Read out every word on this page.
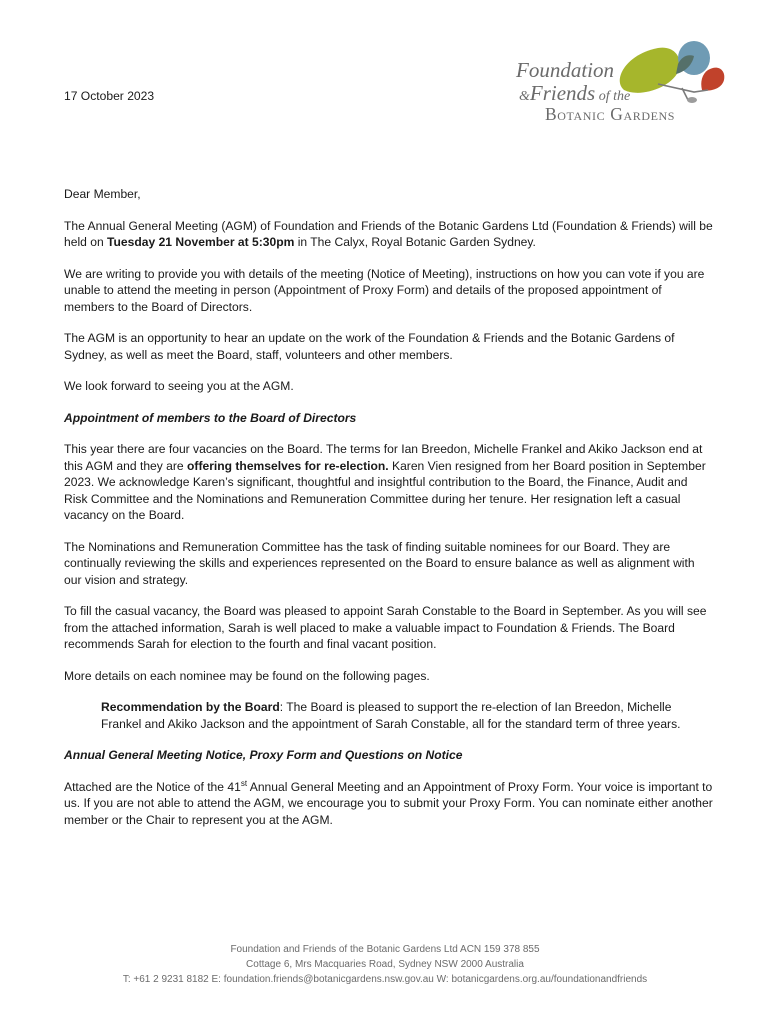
17 October 2023
Foundation
&Friends of the
Botanic Gardens

Dear Member,

The Annual General Meeting (AGM) of Foundation and Friends of the Botanic Gardens Ltd (Foundation & Friends) will be held on Tuesday 21 November at 5:30pm in The Calyx, Royal Botanic Garden Sydney.

We are writing to provide you with details of the meeting (Notice of Meeting), instructions on how you can vote if you are unable to attend the meeting in person (Appointment of Proxy Form) and details of the proposed appointment of members to the Board of Directors.

The AGM is an opportunity to hear an update on the work of the Foundation & Friends and the Botanic Gardens of Sydney, as well as meet the Board, staff, volunteers and other members.

We look forward to seeing you at the AGM.

Appointment of members to the Board of Directors

This year there are four vacancies on the Board. The terms for Ian Breedon, Michelle Frankel and Akiko Jackson end at this AGM and they are offering themselves for re-election. Karen Vien resigned from her Board position in September 2023. We acknowledge Karen’s significant, thoughtful and insightful contribution to the Board, the Finance, Audit and Risk Committee and the Nominations and Remuneration Committee during her tenure. Her resignation left a casual vacancy on the Board.

The Nominations and Remuneration Committee has the task of finding suitable nominees for our Board. They are continually reviewing the skills and experiences represented on the Board to ensure balance as well as alignment with our vision and strategy.

To fill the casual vacancy, the Board was pleased to appoint Sarah Constable to the Board in September. As you will see from the attached information, Sarah is well placed to make a valuable impact to Foundation & Friends. The Board recommends Sarah for election to the fourth and final vacant position.

More details on each nominee may be found on the following pages.

Recommendation by the Board: The Board is pleased to support the re-election of Ian Breedon, Michelle Frankel and Akiko Jackson and the appointment of Sarah Constable, all for the standard term of three years.

Annual General Meeting Notice, Proxy Form and Questions on Notice

Attached are the Notice of the 41st Annual General Meeting and an Appointment of Proxy Form. Your voice is important to us. If you are not able to attend the AGM, we encourage you to submit your Proxy Form. You can nominate either another member or the Chair to represent you at the AGM.

Foundation and Friends of the Botanic Gardens Ltd ACN 159 378 855
Cottage 6, Mrs Macquaries Road, Sydney NSW 2000 Australia
T: +61 2 9231 8182 E: foundation.friends@botanicgardens.nsw.gov.au W: botanicgardens.org.au/foundationandfriends
